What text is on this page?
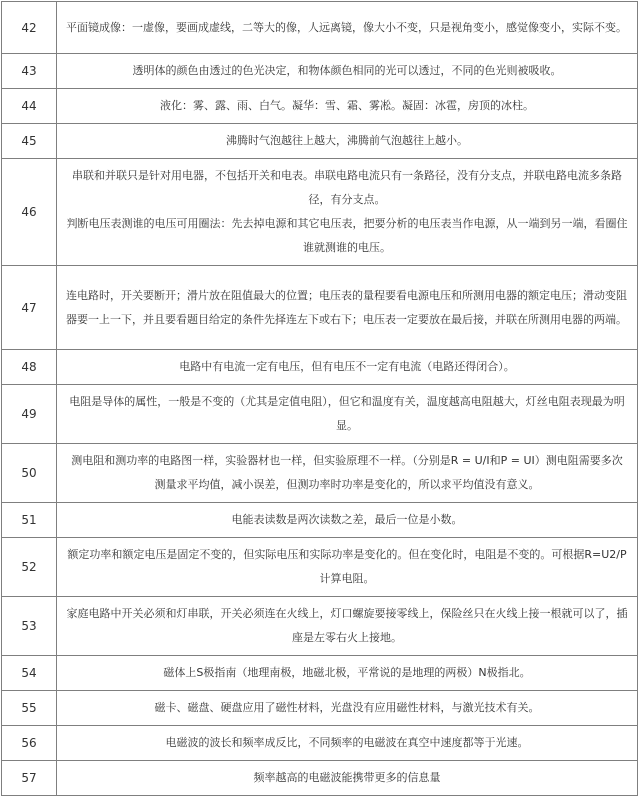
42	平面镜成像：一虚像，要画成虚线，二等大的像，人远离镜，像大小不变，只是视角变小，感觉像变小，实际不变。

43	透明体的颜色由透过的色光决定，和物体颜色相同的光可以透过，不同的色光则被吸收。

44	液化：雾、露、雨、白气。凝华：雪、霜、雾凇。凝固：冰雹，房顶的冰柱。

45	沸腾时气泡越往上越大，沸腾前气泡越往上越小。

46	串联和并联只是针对用电器，不包括开关和电表。串联电路电流只有一条路径，没有分支点，并联电路电流多条路径，有分支点。

判断电压表测谁的电压可用圈法：先去掉电源和其它电压表，把要分析的电压表当作电源，从一端到另一端，看圈住谁就测谁的电压。

47	连电路时，开关要断开；滑片放在阻值最大的位置；电压表的量程要看电源电压和所测用电器的额定电压；滑动变阻器要一上一下，并且要看题目给定的条件先择连左下或右下；电压表一定要放在最后接，并联在所测用电器的两端。

48	电路中有电流一定有电压，但有电压不一定有电流（电路还得闭合）。

49	电阻是导体的属性，一般是不变的（尤其是定值电阻），但它和温度有关，温度越高电阻越大，灯丝电阻表现最为明显。

50	测电阻和测功率的电路图一样，实验器材也一样，但实验原理不一样。（分别是R = U/I和P = UI）测电阻需要多次测量求平均值，减小误差，但测功率时功率是变化的，所以求平均值没有意义。

51	电能表读数是两次读数之差，最后一位是小数。

52	额定功率和额定电压是固定不变的，但实际电压和实际功率是变化的。但在变化时，电阻是不变的。可根据R=U2/P计算电阻。

53	家庭电路中开关必须和灯串联，开关必须连在火线上，灯口螺旋要接零线上，保险丝只在火线上接一根就可以了，插座是左零右火上接地。

54	磁体上S极指南（地理南极，地磁北极，平常说的是地理的两极）N极指北。

55	磁卡、磁盘、硬盘应用了磁性材料，光盘没有应用磁性材料，与激光技术有关。

56	电磁波的波长和频率成反比，不同频率的电磁波在真空中速度都等于光速。

57	频率越高的电磁波能携带更多的信息量
